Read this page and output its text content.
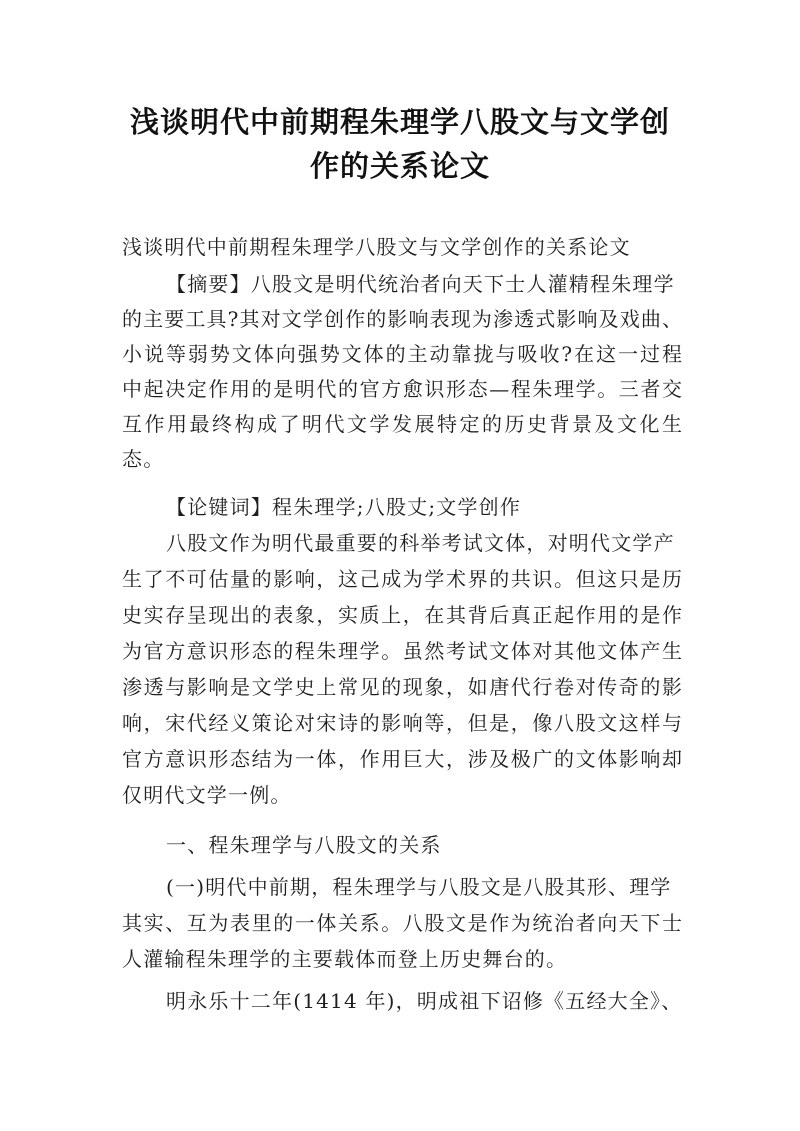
浅谈明代中前期程朱理学八股文与文学创
作的关系论文
浅谈明代中前期程朱理学八股文与文学创作的关系论文
【摘要】八股文是明代统治者向天下士人灌精程朱理学
的主要工具?其对文学创作的影响表现为渗透式影响及戏曲、
小说等弱势文体向强势文体的主动靠拢与吸收?在这一过程
中起决定作用的是明代的官方愈识形态—程朱理学。三者交
互作用最终构成了明代文学发展特定的历史背景及文化生
态。
【论键词】程朱理学;八股丈;文学创作
八股文作为明代最重要的科举考试文体，对明代文学产
生了不可估量的影响，这己成为学术界的共识。但这只是历
史实存呈现出的表象，实质上，在其背后真正起作用的是作
为官方意识形态的程朱理学。虽然考试文体对其他文体产生
渗透与影响是文学史上常见的现象，如唐代行卷对传奇的影
响，宋代经义策论对宋诗的影响等，但是，像八股文这样与
官方意识形态结为一体，作用巨大，涉及极广的文体影响却
仅明代文学一例。
一、程朱理学与八股文的关系
(一)明代中前期，程朱理学与八股文是八股其形、理学
其实、互为表里的一体关系。八股文是作为统治者向天下士
人灌输程朱理学的主要载体而登上历史舞台的。
明永乐十二年(1414 年)，明成祖下诏修《五经大全》、
